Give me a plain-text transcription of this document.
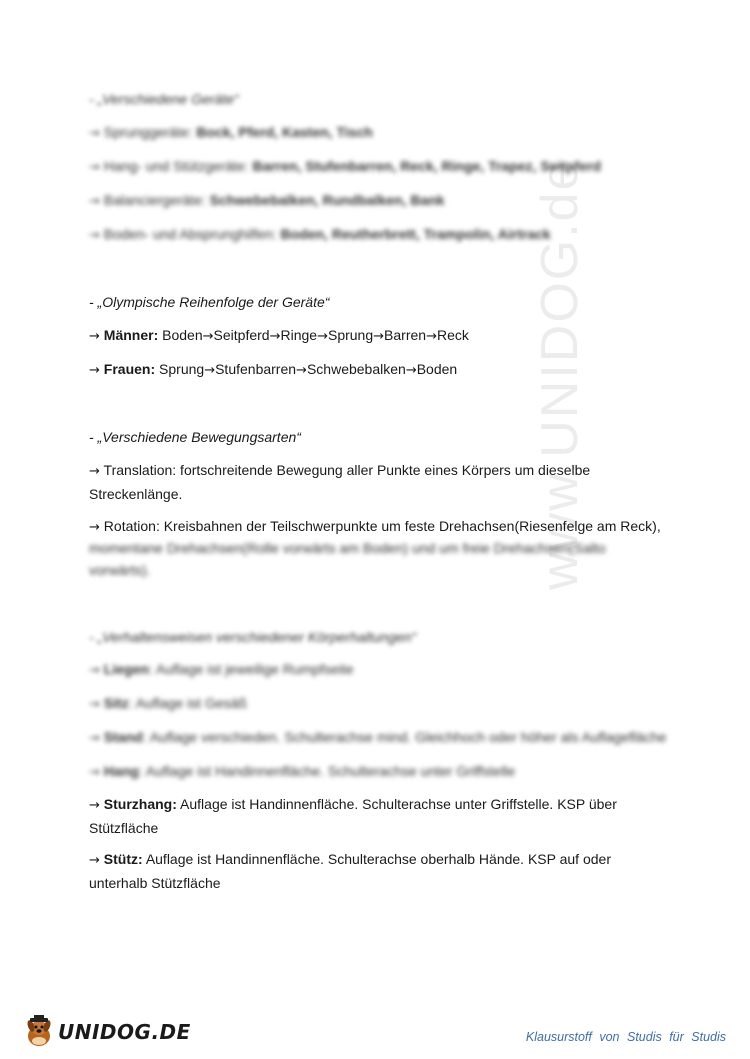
www.UNIDOG.de
- „Verschiedene Geräte“
→ Sprunggeräte: Bock, Pferd, Kasten, Tisch
→ Hang- und Stützgeräte: Barren, Stufenbarren, Reck, Ringe, Trapez, Seitpferd
→ Balanciergeräte: Schwebebalken, Rundbalken, Bank
→ Boden- und Absprunghilfen: Boden, Reutherbrett, Trampolin, Airtrack
- „Olympische Reihenfolge der Geräte“
→ Männer: Boden→Seitpferd→Ringe→Sprung→Barren→Reck
→ Frauen: Sprung→Stufenbarren→Schwebebalken→Boden
- „Verschiedene Bewegungsarten“
→ Translation: fortschreitende Bewegung aller Punkte eines Körpers um dieselbe Streckenlänge.
→ Rotation: Kreisbahnen der Teilschwerpunkte um feste Drehachsen(Riesenfelge am Reck),
momentane Drehachsen(Rolle vorwärts am Boden) und um freie Drehachsen(Salto vorwärts).
- „Verhaltensweisen verschiedener Körperhaltungen“
→ Liegen: Auflage ist jeweilige Rumpfseite
→ Sitz: Auflage ist Gesäß
→ Stand: Auflage verschieden. Schulterachse mind. Gleichhoch oder höher als Auflagefläche
→ Hang: Auflage ist Handinnenfläche. Schulterachse unter Griffstelle
→ Sturzhang: Auflage ist Handinnenfläche. Schulterachse unter Griffstelle. KSP über Stützfläche
→ Stütz: Auflage ist Handinnenfläche. Schulterachse oberhalb Hände. KSP auf oder unterhalb Stützfläche
UNIDOG.DE	Klausurstoff von Studis für Studis
